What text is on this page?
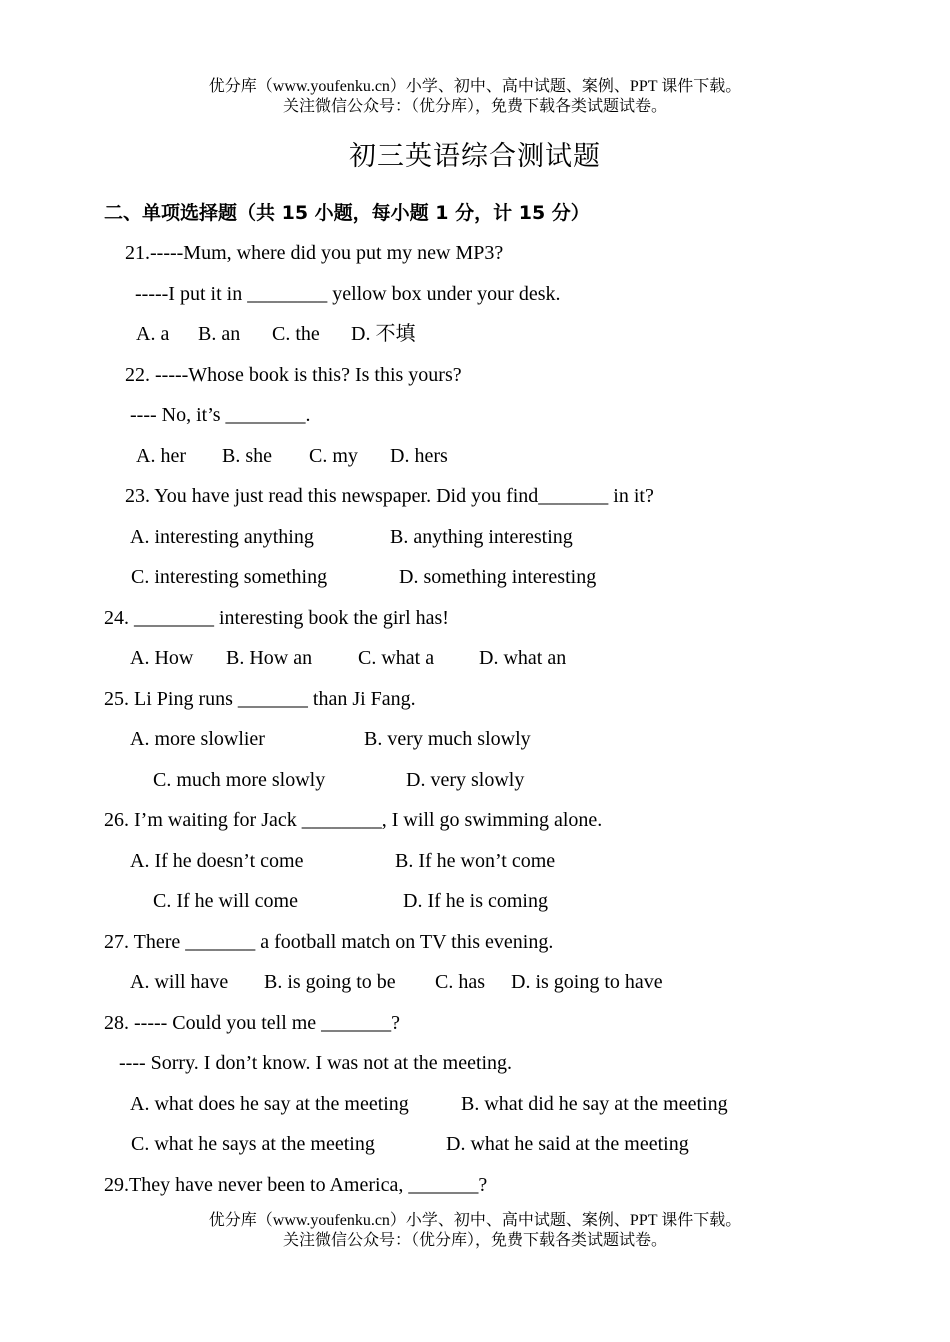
优分库（www.youfenku.cn）小学、初中、高中试题、案例、PPT 课件下载。
关注微信公众号：（优分库），免费下载各类试题试卷。
初三英语综合测试题
二、单项选择题（共 15 小题，每小题 1 分，计 15 分）
21.-----Mum, where did you put my new MP3?
-----I put it in ________ yellow box under your desk.
A. a B. an C. the D. 不填
22. -----Whose book is this? Is this yours?
---- No, it’s ________.
A. her B. she C. my D. hers
23. You have just read this newspaper. Did you find_______ in it?
A. interesting anything	B. anything interesting
C. interesting something	D. something interesting
24. ________ interesting book the girl has!
A. How B. How an C. what a D. what an
25. Li Ping runs _______ than Ji Fang.
A. more slowlier	B. very much slowly
C. much more slowly	D. very slowly
26. I’m waiting for Jack ________, I will go swimming alone.
A. If he doesn’t come	B. If he won’t come
C. If he will come	D. If he is coming
27. There _______ a football match on TV this evening.
A. will have B. is going to be C. has D. is going to have
28. ----- Could you tell me _______?
---- Sorry. I don’t know. I was not at the meeting.
A. what does he say at the meeting	B. what did he say at the meeting
C. what he says at the meeting	D. what he said at the meeting
29.They have never been to America, _______?
优分库（www.youfenku.cn）小学、初中、高中试题、案例、PPT 课件下载。
关注微信公众号：（优分库），免费下载各类试题试卷。
